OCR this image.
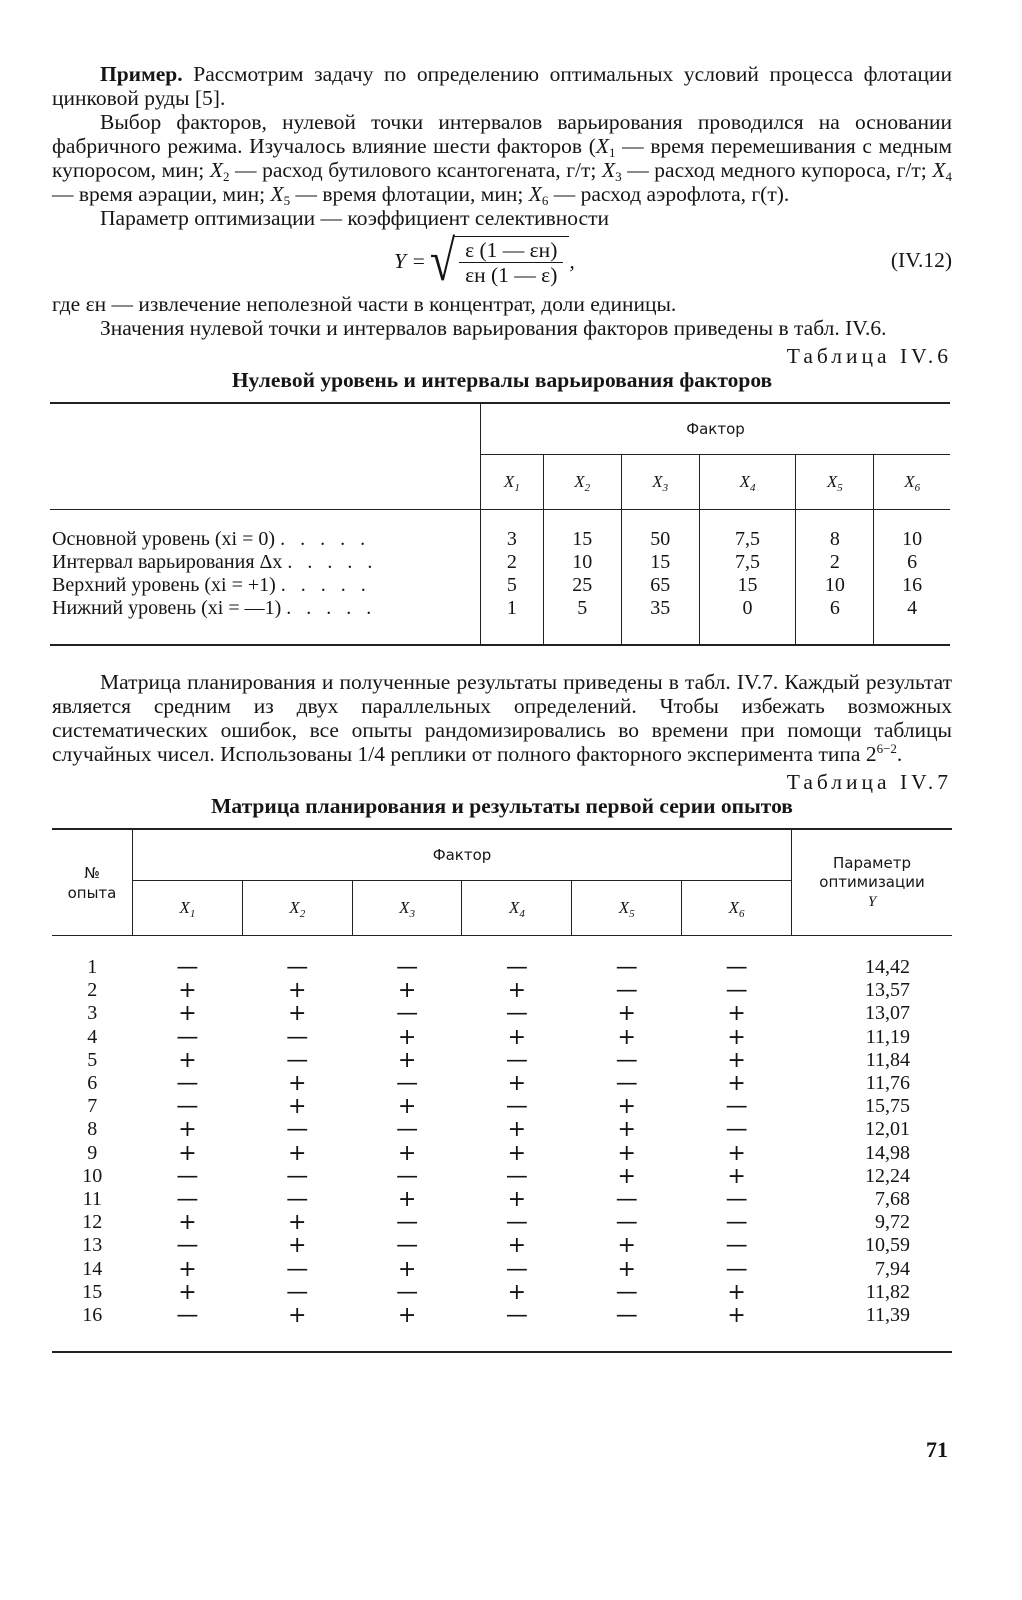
Пример. Рассмотрим задачу по определению оптимальных условий процесса флотации цинковой руды [5].

Выбор факторов, нулевой точки интервалов варьирования проводился на основании фабричного режима. Изучалось влияние шести факторов ($X_1$ — время перемешивания с медным купоросом, мин; $X_2$ — расход бутилового ксантогената, г/т; $X_3$ — расход медного купороса, г/т; $X_4$ — время аэрации, мин; $X_5$ — время флотации, мин; $X_6$ — расход аэрофлота, г(т).

Параметр оптимизации — коэффициент селективности

Y = √
$\frac{\varepsilon (1 — \varepsilon н)}{\varepsilon н (1 — \varepsilon)}$ ,	(IV.12)

где εн — извлечение неполезной части в концентрат, доли единицы.

Значения нулевой точки и интервалов варьирования факторов приведены в табл. IV.6.

Таблица IV.6
Нулевой уровень и интервалы варьирования факторов
	Фактор					
	$X_1$	$X_2$	$X_3$	$X_4$	$X_5$	$X_6$

Основной уровень (xi = 0) . . . . .	3	15	50	7,5	8	10
Интервал варьирования Δx . . . . .	2	10	15	7,5	2	6
Верхний уровень (xi = +1) . . . . .	5	25	65	15	10	16
Нижний уровень (xi = —1) . . . . .	1	5	35	0	6	4

Матрица планирования и полученные результаты приведены в табл. IV.7. Каждый результат является средним из двух параллельных определений. Чтобы избежать возможных систематических ошибок, все опыты рандомизировались во времени при помощи таблицы случайных чисел. Использованы 1/4 реплики от полного факторного эксперимента типа $2^{6-2}$.

Таблица IV.7
Матрица планирования и результаты первой серии опытов
№
опыта	Фактор						Параметр
оптимизации
Y
	$X_1$	$X_2$	$X_3$	$X_4$	$X_5$	$X_6$

1	—	—	—	—	—	—	14,42
2	+	+	+	+	—	—	13,57
3	+	+	—	—	+	+	13,07
4	—	—	+	+	+	+	11,19
5	+	—	+	—	—	+	11,84
6	—	+	—	+	—	+	11,76
7	—	+	+	—	+	—	15,75
8	+	—	—	+	+	—	12,01
9	+	+	+	+	+	+	14,98
10	—	—	—	—	+	+	12,24
11	—	—	+	+	—	—	7,68
12	+	+	—	—	—	—	9,72
13	—	+	—	+	+	—	10,59
14	+	—	+	—	+	—	7,94
15	+	—	—	+	—	+	11,82
16	—	+	+	—	—	+	11,39

71
